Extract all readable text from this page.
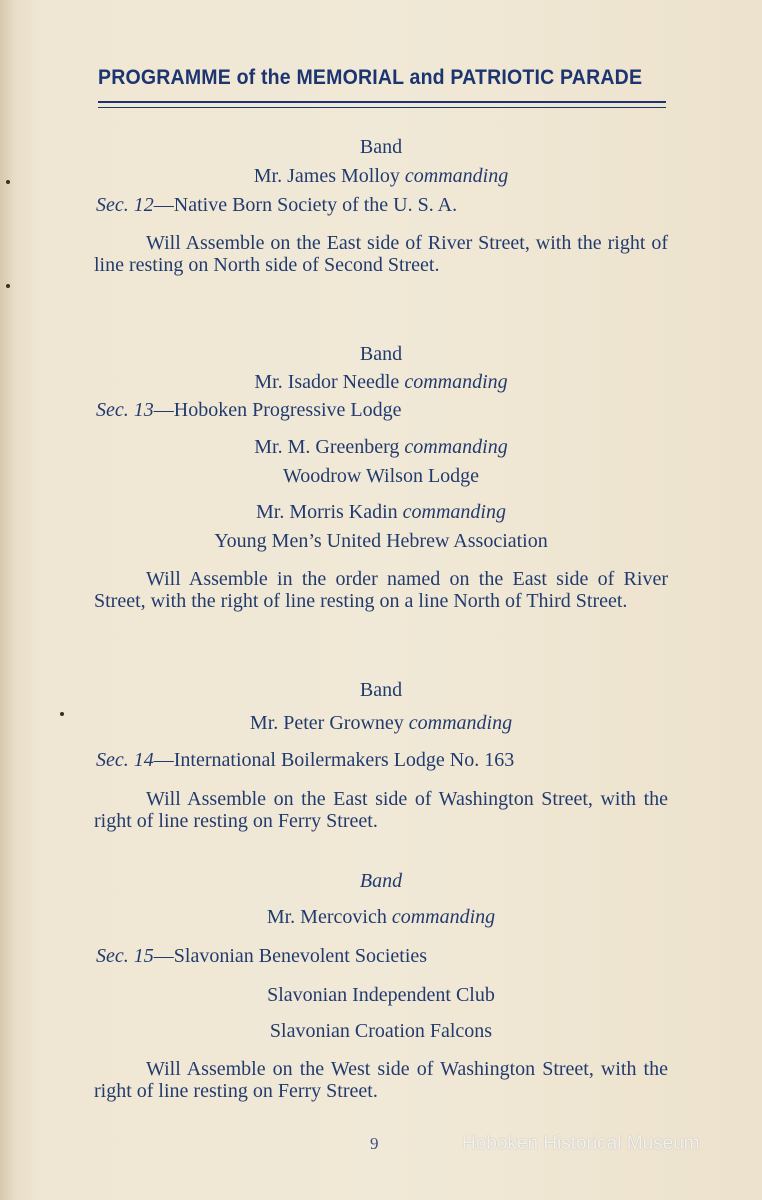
PROGRAMME of the MEMORIAL and PATRIOTIC PARADE
Band
Mr. James Molloy commanding
Sec. 12—Native Born Society of the U. S. A.
Will Assemble on the East side of River Street, with the right of line resting on North side of Second Street.
Band
Mr. Isador Needle commanding
Sec. 13—Hoboken Progressive Lodge
Mr. M. Greenberg commanding
Woodrow Wilson Lodge
Mr. Morris Kadin commanding
Young Men’s United Hebrew Association
Will Assemble in the order named on the East side of River Street, with the right of line resting on a line North of Third Street.
Band
Mr. Peter Growney commanding
Sec. 14—International Boilermakers Lodge No. 163
Will Assemble on the East side of Washington Street, with the right of line resting on Ferry Street.
Band
Mr. Mercovich commanding
Sec. 15—Slavonian Benevolent Societies
Slavonian Independent Club
Slavonian Croation Falcons
Will Assemble on the West side of Washington Street, with the right of line resting on Ferry Street.
9	Hoboken Historical Museum
